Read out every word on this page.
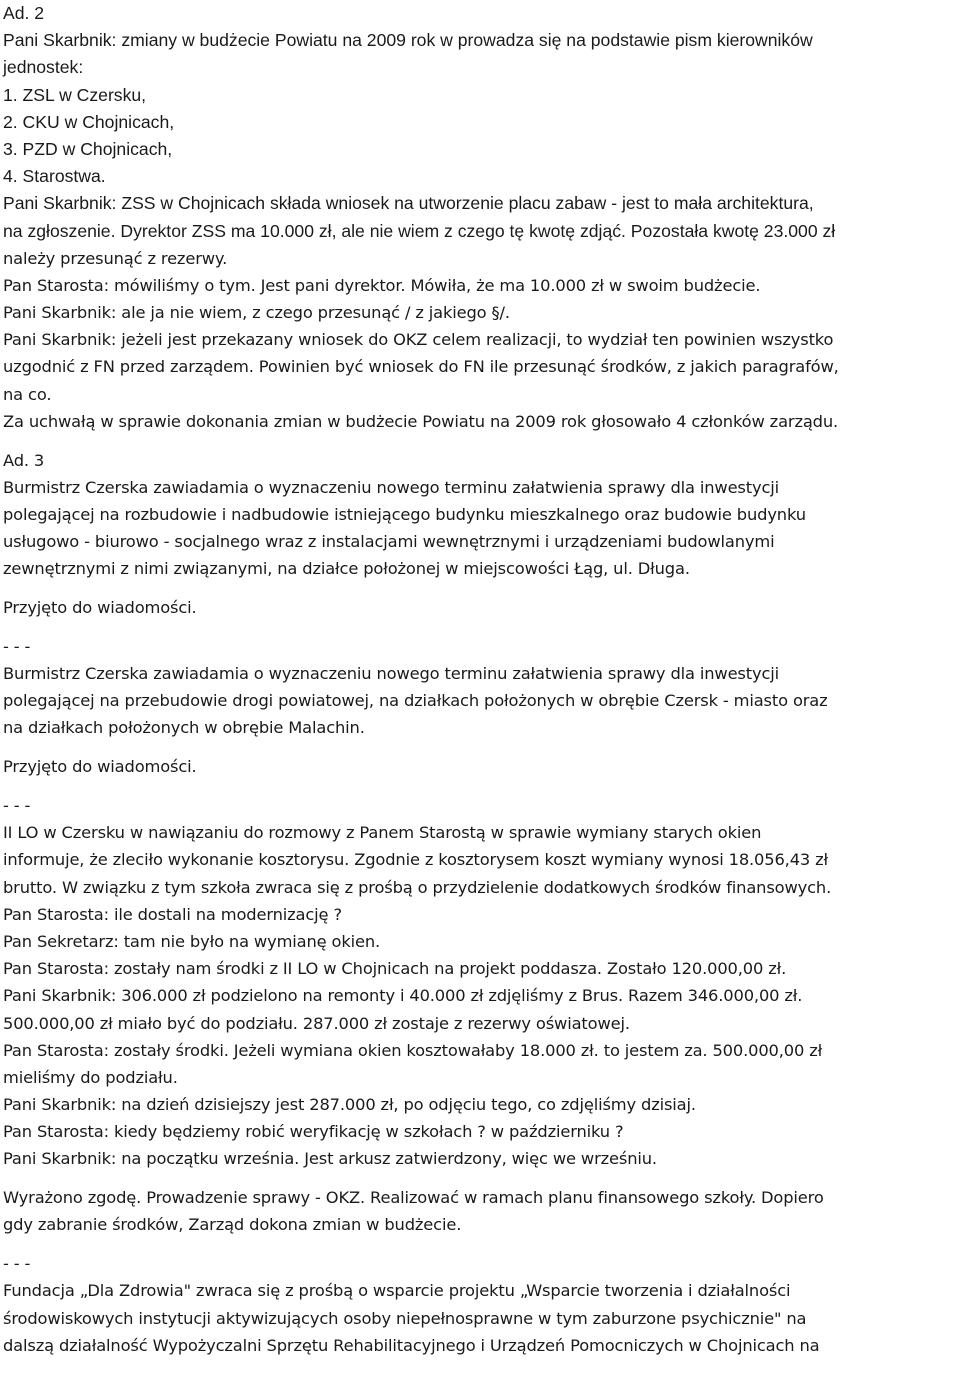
Ad. 2
Pani Skarbnik: zmiany w budżecie Powiatu na 2009 rok w prowadza się na podstawie pism kierowników
jednostek:
1. ZSL w Czersku,
2. CKU w Chojnicach,
3. PZD w Chojnicach,
4. Starostwa.
Pani Skarbnik: ZSS w Chojnicach składa wniosek na utworzenie placu zabaw - jest to mała architektura,
na zgłoszenie. Dyrektor ZSS ma 10.000 zł, ale nie wiem z czego tę kwotę zdjąć. Pozostała kwotę 23.000 zł
należy przesunąć z rezerwy.
Pan Starosta: mówiliśmy o tym. Jest pani dyrektor. Mówiła, że ma 10.000 zł w swoim budżecie.
Pani Skarbnik: ale ja nie wiem, z czego przesunąć / z jakiego §/.
Pani Skarbnik: jeżeli jest przekazany wniosek do OKZ celem realizacji, to wydział ten powinien wszystko
uzgodnić z FN przed zarządem. Powinien być wniosek do FN ile przesunąć środków, z jakich paragrafów,
na co.
Za uchwałą w sprawie dokonania zmian w budżecie Powiatu na 2009 rok głosowało 4 członków zarządu.
Ad. 3
Burmistrz Czerska zawiadamia o wyznaczeniu nowego terminu załatwienia sprawy dla inwestycji
polegającej na rozbudowie i nadbudowie istniejącego budynku mieszkalnego oraz budowie budynku
usługowo - biurowo - socjalnego wraz z instalacjami wewnętrznymi i urządzeniami budowlanymi
zewnętrznymi z nimi związanymi, na działce położonej w miejscowości Łąg, ul. Długa.
Przyjęto do wiadomości.
- - -
Burmistrz Czerska zawiadamia o wyznaczeniu nowego terminu załatwienia sprawy dla inwestycji
polegającej na przebudowie drogi powiatowej, na działkach położonych w obrębie Czersk - miasto oraz
na działkach położonych w obrębie Malachin.
Przyjęto do wiadomości.
- - -
II LO w Czersku w nawiązaniu do rozmowy z Panem Starostą w sprawie wymiany starych okien
informuje, że zleciło wykonanie kosztorysu. Zgodnie z kosztorysem koszt wymiany wynosi 18.056,43 zł
brutto. W związku z tym szkoła zwraca się z prośbą o przydzielenie dodatkowych środków finansowych.
Pan Starosta: ile dostali na modernizację ?
Pan Sekretarz: tam nie było na wymianę okien.
Pan Starosta: zostały nam środki z II LO w Chojnicach na projekt poddasza. Zostało 120.000,00 zł.
Pani Skarbnik: 306.000 zł podzielono na remonty i 40.000 zł zdjęliśmy z Brus. Razem 346.000,00 zł.
500.000,00 zł miało być do podziału. 287.000 zł zostaje z rezerwy oświatowej.
Pan Starosta: zostały środki. Jeżeli wymiana okien kosztowałaby 18.000 zł. to jestem za. 500.000,00 zł
mieliśmy do podziału.
Pani Skarbnik: na dzień dzisiejszy jest 287.000 zł, po odjęciu tego, co zdjęliśmy dzisiaj.
Pan Starosta: kiedy będziemy robić weryfikację w szkołach ? w październiku ?
Pani Skarbnik: na początku września. Jest arkusz zatwierdzony, więc we wrześniu.
Wyrażono zgodę. Prowadzenie sprawy - OKZ. Realizować w ramach planu finansowego szkoły. Dopiero
gdy zabranie środków, Zarząd dokona zmian w budżecie.
- - -
Fundacja „Dla Zdrowia" zwraca się z prośbą o wsparcie projektu „Wsparcie tworzenia i działalności
środowiskowych instytucji aktywizujących osoby niepełnosprawne w tym zaburzone psychicznie" na
dalszą działalność Wypożyczalni Sprzętu Rehabilitacyjnego i Urządzeń Pomocniczych w Chojnicach na
